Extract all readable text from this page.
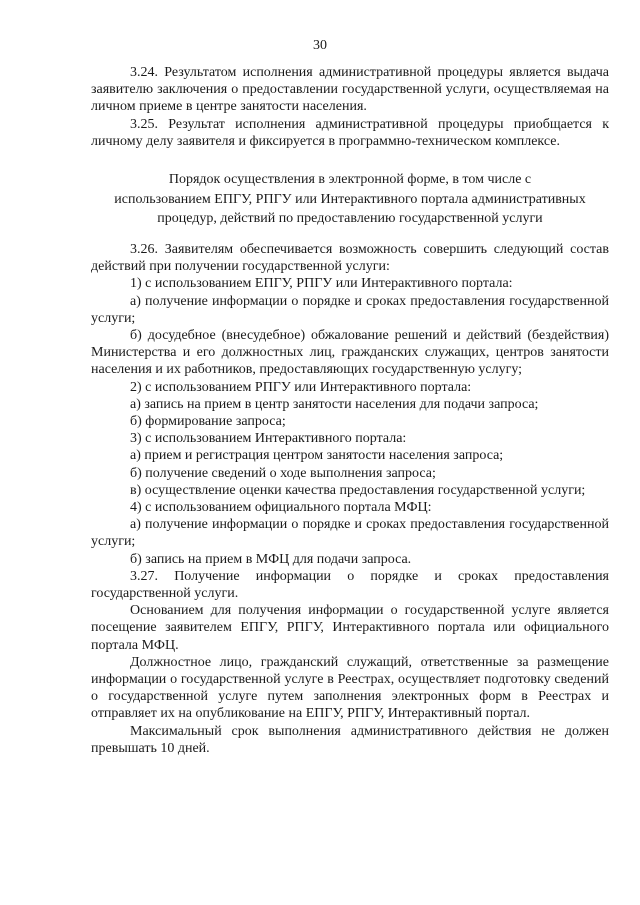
30

3.24. Результатом исполнения административной процедуры является выдача заявителю заключения о предоставлении государственной услуги, осуществляемая на личном приеме в центре занятости населения.

3.25. Результат исполнения административной процедуры приобщается к личному делу заявителя и фиксируется в программно-техническом комплексе.

Порядок осуществления в электронной форме, в том числе с
использованием ЕПГУ, РПГУ или Интерактивного портала административных
процедур, действий по предоставлению государственной услуги

3.26. Заявителям обеспечивается возможность совершить следующий состав действий при получении государственной услуги:

1) с использованием ЕПГУ, РПГУ или Интерактивного портала:

а) получение информации о порядке и сроках предоставления государственной услуги;

б) досудебное (внесудебное) обжалование решений и действий (бездействия) Министерства и его должностных лиц, гражданских служащих, центров занятости населения и их работников, предоставляющих государственную услугу;

2) с использованием РПГУ или Интерактивного портала:

а) запись на прием в центр занятости населения для подачи запроса;

б) формирование запроса;

3) с использованием Интерактивного портала:

а) прием и регистрация центром занятости населения запроса;

б) получение сведений о ходе выполнения запроса;

в) осуществление оценки качества предоставления государственной услуги;

4) с использованием официального портала МФЦ:

а) получение информации о порядке и сроках предоставления государственной услуги;

б) запись на прием в МФЦ для подачи запроса.

3.27. Получение информации о порядке и сроках предоставления государственной услуги.

Основанием для получения информации о государственной услуге является посещение заявителем ЕПГУ, РПГУ, Интерактивного портала или официального портала МФЦ.

Должностное лицо, гражданский служащий, ответственные за размещение информации о государственной услуге в Реестрах, осуществляет подготовку сведений о государственной услуге путем заполнения электронных форм в Реестрах и отправляет их на опубликование на ЕПГУ, РПГУ, Интерактивный портал.

Максимальный срок выполнения административного действия не должен превышать 10 дней.
